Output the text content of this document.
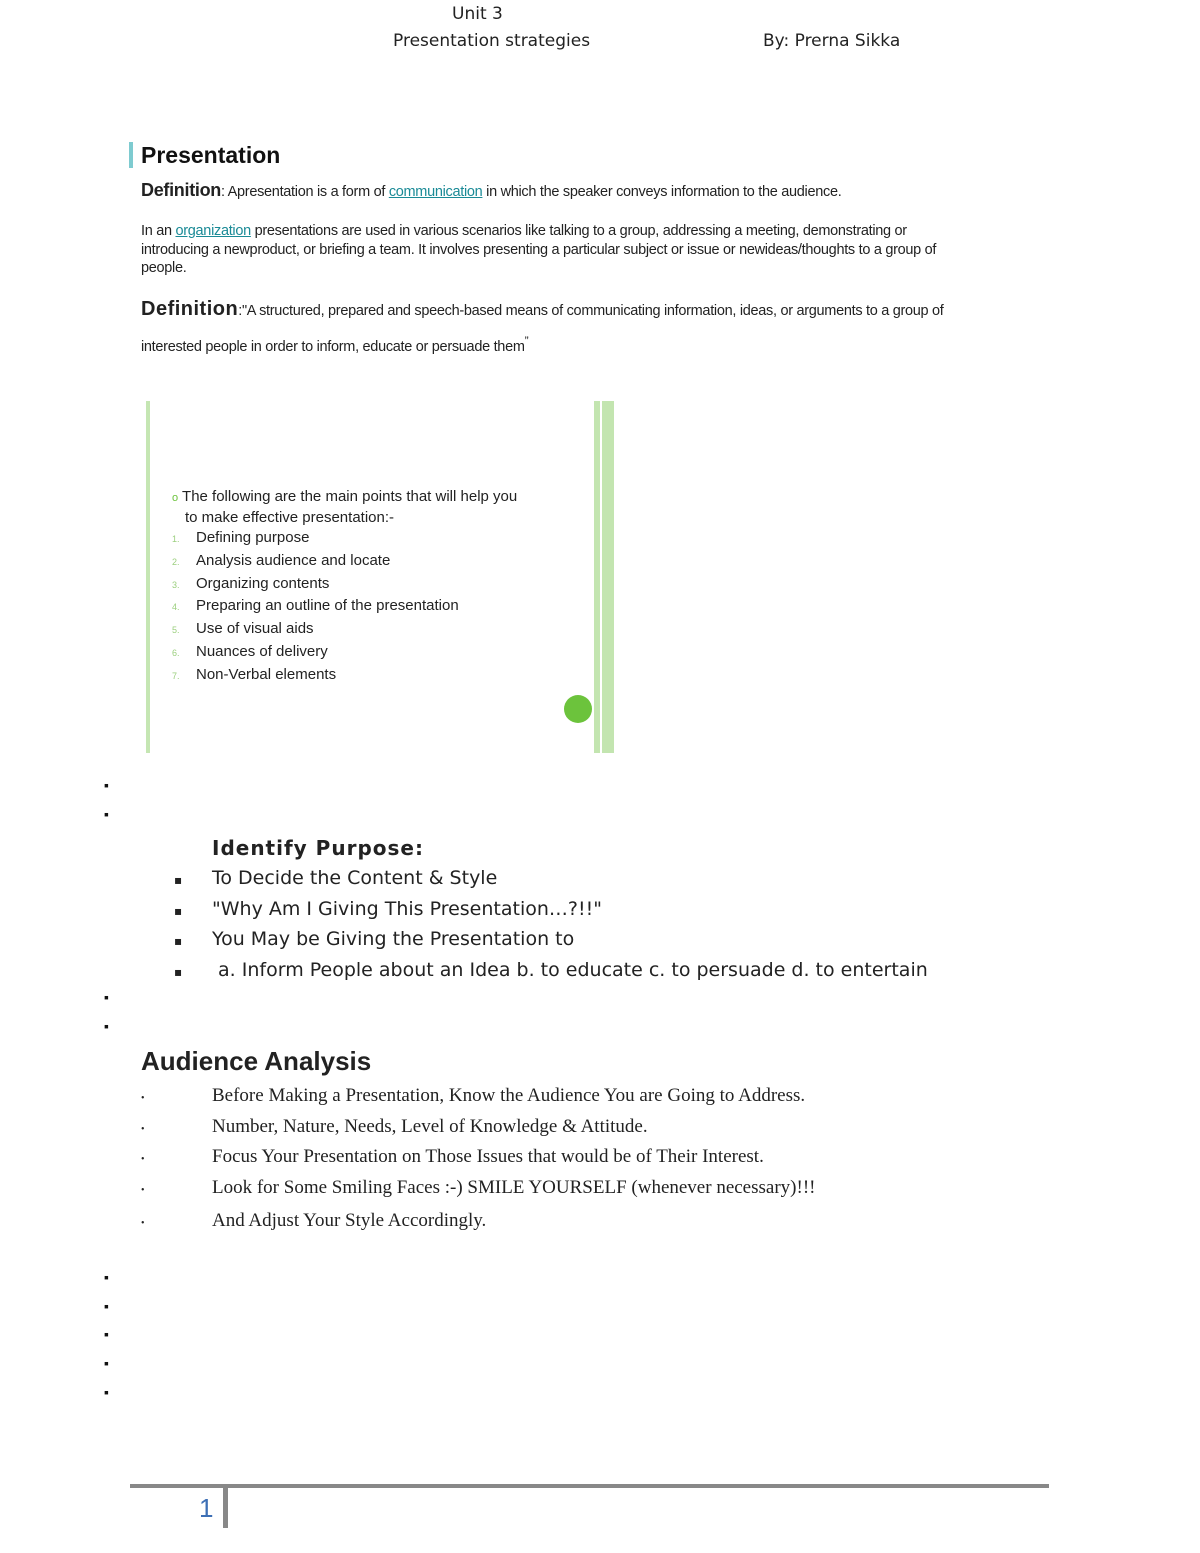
Unit 3
Presentation strategies	By: Prerna Sikka
Presentation
Definition: Apresentation is a form of communication in which the speaker conveys information to the audience.
In an organization presentations are used in various scenarios like talking to a group, addressing a meeting, demonstrating or
introducing a newproduct, or briefing a team. It involves presenting a particular subject or issue or newideas/thoughts to a group of
people.
Definition:"A structured, prepared and speech-based means of communicating information, ideas, or arguments to a group of
interested people in order to inform, educate or persuade them”
o The following are the main points that will help you
to make effective presentation:-
1. Defining purpose
2. Analysis audience and locate
3. Organizing contents
4. Preparing an outline of the presentation
5. Use of visual aids
6. Nuances of delivery
7. Non-Verbal elements
▪
▪
Identify Purpose:
▪ To Decide the Content & Style
▪ "Why Am I Giving This Presentation…?!!"
▪ You May be Giving the Presentation to
▪ a. Inform People about an Idea b. to educate c. to persuade d. to entertain
▪
▪
Audience Analysis
•	Before Making a Presentation, Know the Audience You are Going to Address.
•	Number, Nature, Needs, Level of Knowledge & Attitude.
•	Focus Your Presentation on Those Issues that would be of Their Interest.
•	Look for Some Smiling Faces :-) SMILE YOURSELF (whenever necessary)!!!
•	And Adjust Your Style Accordingly.
▪
▪
▪
▪
▪
1
